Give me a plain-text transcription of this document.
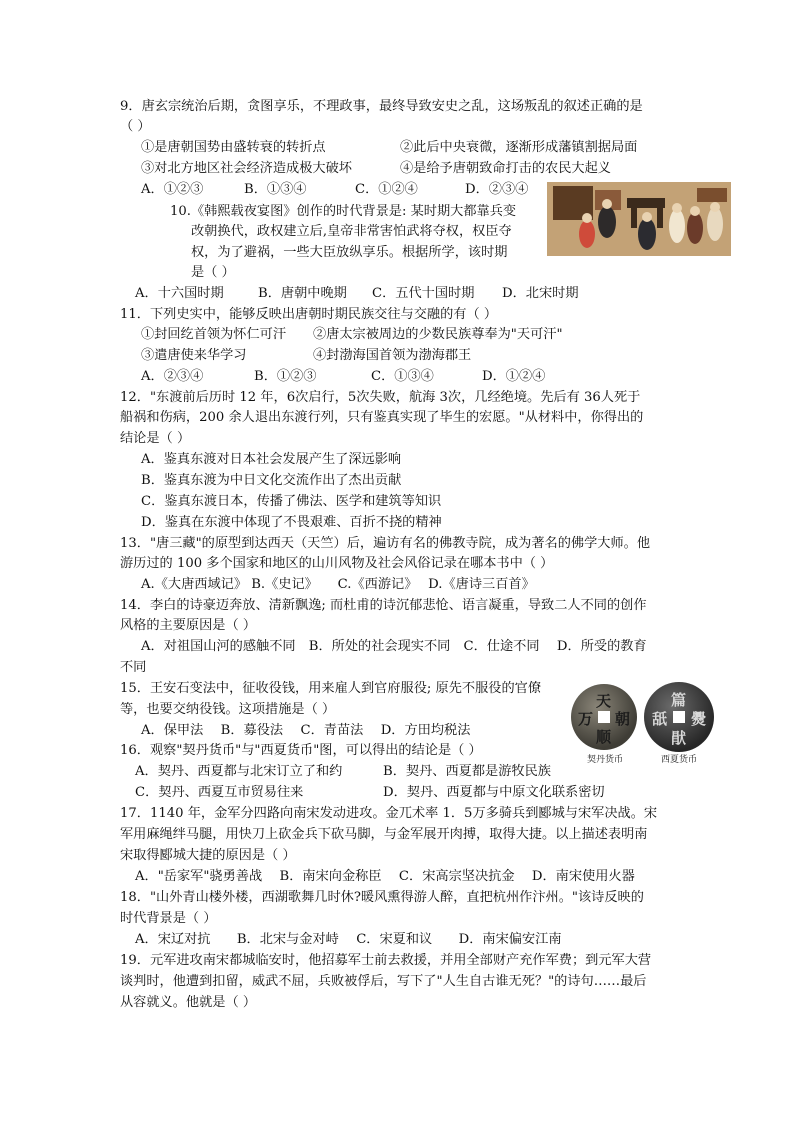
9．唐玄宗统治后期，贪图享乐，不理政事，最终导致安史之乱，这场叛乱的叙述正确的是
（ ）
①是唐朝国势由盛转衰的转折点	②此后中央衰微，逐渐形成藩镇割据局面
③对北方地区社会经济造成极大破坏	④是给予唐朝致命打击的农民大起义
A．①②③	B．①③④	C．①②④	D．②③④
10.《韩熙载夜宴图》创作的时代背景是: 某时期大都靠兵变
改朝换代，政权建立后,皇帝非常害怕武将夺权，权臣夺
权，为了避祸，一些大臣放纵享乐。根据所学，该时期
是（ ）
A．十六国时期	B．唐朝中晚期 C．五代十国时期 D．北宋时期
11．下列史实中，能够反映出唐朝时期民族交往与交融的有（ ）
①封回纥首领为怀仁可汗 ②唐太宗被周边的少数民族尊奉为"天可汗"
③遣唐使来华学习	④封渤海国首领为渤海郡王
A．②③④	B．①②③	C．①③④	D．①②④
12．"东渡前后历时 12 年，6次启行，5次失败，航海 3次，几经绝境。先后有 36人死于
船祸和伤病，200 余人退出东渡行列，只有鉴真实现了毕生的宏愿。"从材料中，你得出的
结论是（ ）
A．鉴真东渡对日本社会发展产生了深远影响
B．鉴真东渡为中日文化交流作出了杰出贡献
C．鉴真东渡日本，传播了佛法、医学和建筑等知识
D．鉴真在东渡中体现了不畏艰难、百折不挠的精神
13．"唐三藏"的原型到达西天（天竺）后，遍访有名的佛教寺院，成为著名的佛学大师。他
游历过的 100 多个国家和地区的山川风物及社会风俗记录在哪本书中（ ）
A.《大唐西域记》 B.《史记》　　C.《西游记》　 D.《唐诗三百首》
14．李白的诗豪迈奔放、清新飘逸; 而杜甫的诗沉郁悲怆、语言凝重，导致二人不同的创作
风格的主要原因是（ ）
A．对祖国山河的感触不同　B．所处的社会现实不同　C．仕途不同　 D．所受的教育
不同
15．王安石变法中，征收役钱，用来雇人到官府服役; 原先不服役的官僚
等，也要交纳役钱。这项措施是（ ）
A．保甲法　 B．募役法　 C．青苗法　 D．方田均税法
天
朝
万
顺
篇
㸑
舐
猒
契丹货币	西夏货币
16．观察"契丹货币"与"西夏货币"图，可以得出的结论是（ ）
A．契丹、西夏都与北宋订立了和约	B．契丹、西夏都是游牧民族
C．契丹、西夏互市贸易往来	D．契丹、西夏都与中原文化联系密切
17．1140 年，金军分四路向南宋发动进攻。金兀术率 1．5万多骑兵到郾城与宋军决战。宋
军用麻绳绊马腿，用快刀上砍金兵下砍马脚，与金军展开肉搏，取得大捷。以上描述表明南
宋取得郾城大捷的原因是（ ）
A．"岳家军"骁勇善战　 B．南宋向金称臣　 C．宋高宗坚决抗金　 D．南宋使用火器
18．"山外青山楼外楼，西湖歌舞几时休?暖风熏得游人醉，直把杭州作汴州。"该诗反映的
时代背景是（ ）
A．宋辽对抗　　B．北宋与金对峙　 C．宋夏和议　　D．南宋偏安江南
19．元军进攻南宋都城临安时，他招募军士前去救援，并用全部财产充作军费；到元军大营
谈判时，他遭到扣留，威武不屈，兵败被俘后，写下了"人生自古谁无死？"的诗句……最后
从容就义。他就是（ ）
